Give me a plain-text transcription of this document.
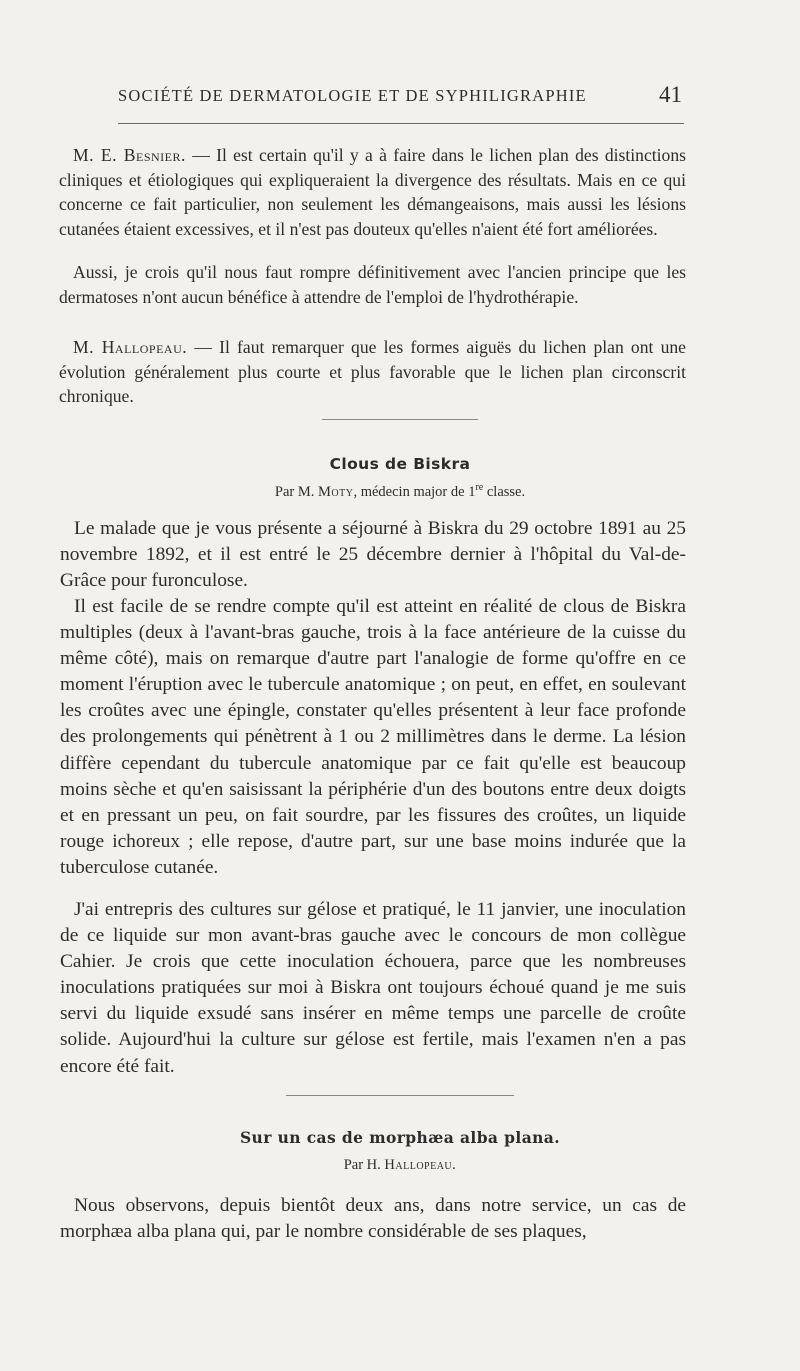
SOCIÉTÉ DE DERMATOLOGIE ET DE SYPHILIGRAPHIE	41

M. E. Besnier. — Il est certain qu'il y a à faire dans le lichen plan des distinctions cliniques et étiologiques qui expliqueraient la divergence des résultats. Mais en ce qui concerne ce fait particulier, non seulement les démangeaisons, mais aussi les lésions cutanées étaient excessives, et il n'est pas douteux qu'elles n'aient été fort améliorées.

Aussi, je crois qu'il nous faut rompre définitivement avec l'ancien principe que les dermatoses n'ont aucun bénéfice à attendre de l'emploi de l'hydrothérapie.

M. Hallopeau. — Il faut remarquer que les formes aiguës du lichen plan ont une évolution généralement plus courte et plus favorable que le lichen plan circonscrit chronique.

Clous de Biskra
Par M. Moty, médecin major de 1re classe.

Le malade que je vous présente a séjourné à Biskra du 29 octobre 1891 au 25 novembre 1892, et il est entré le 25 décembre dernier à l'hôpital du Val-de-Grâce pour furonculose.

Il est facile de se rendre compte qu'il est atteint en réalité de clous de Biskra multiples (deux à l'avant-bras gauche, trois à la face antérieure de la cuisse du même côté), mais on remarque d'autre part l'analogie de forme qu'offre en ce moment l'éruption avec le tubercule anatomique ; on peut, en effet, en soulevant les croûtes avec une épingle, constater qu'elles présentent à leur face profonde des prolongements qui pénètrent à 1 ou 2 millimètres dans le derme. La lésion diffère cependant du tubercule anatomique par ce fait qu'elle est beaucoup moins sèche et qu'en saisissant la périphérie d'un des boutons entre deux doigts et en pressant un peu, on fait sourdre, par les fissures des croûtes, un liquide rouge ichoreux ; elle repose, d'autre part, sur une base moins indurée que la tuberculose cutanée.

J'ai entrepris des cultures sur gélose et pratiqué, le 11 janvier, une inoculation de ce liquide sur mon avant-bras gauche avec le concours de mon collègue Cahier. Je crois que cette inoculation échouera, parce que les nombreuses inoculations pratiquées sur moi à Biskra ont toujours échoué quand je me suis servi du liquide exsudé sans insérer en même temps une parcelle de croûte solide. Aujourd'hui la culture sur gélose est fertile, mais l'examen n'en a pas encore été fait.

Sur un cas de morphæa alba plana.
Par H. Hallopeau.

Nous observons, depuis bientôt deux ans, dans notre service, un cas de morphæa alba plana qui, par le nombre considérable de ses plaques,
